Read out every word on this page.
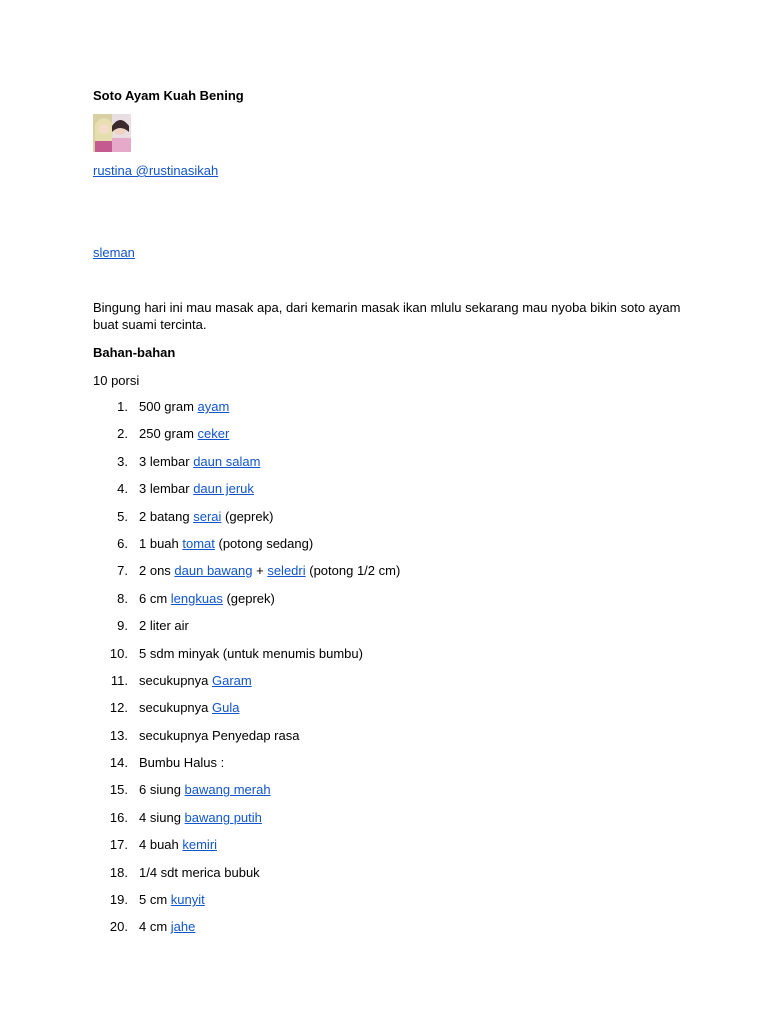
Soto Ayam Kuah Bening
rustina @rustinasikah
sleman
Bingung hari ini mau masak apa, dari kemarin masak ikan mlulu sekarang mau nyoba bikin soto ayam buat suami tercinta.
Bahan-bahan
10 porsi
1. 500 gram ayam
2. 250 gram ceker
3. 3 lembar daun salam
4. 3 lembar daun jeruk
5. 2 batang serai (geprek)
6. 1 buah tomat (potong sedang)
7. 2 ons daun bawang + seledri (potong 1/2 cm)
8. 6 cm lengkuas (geprek)
9. 2 liter air
10. 5 sdm minyak (untuk menumis bumbu)
11. secukupnya Garam
12. secukupnya Gula
13. secukupnya Penyedap rasa
14. Bumbu Halus :
15. 6 siung bawang merah
16. 4 siung bawang putih
17. 4 buah kemiri
18. 1/4 sdt merica bubuk
19. 5 cm kunyit
20. 4 cm jahe
